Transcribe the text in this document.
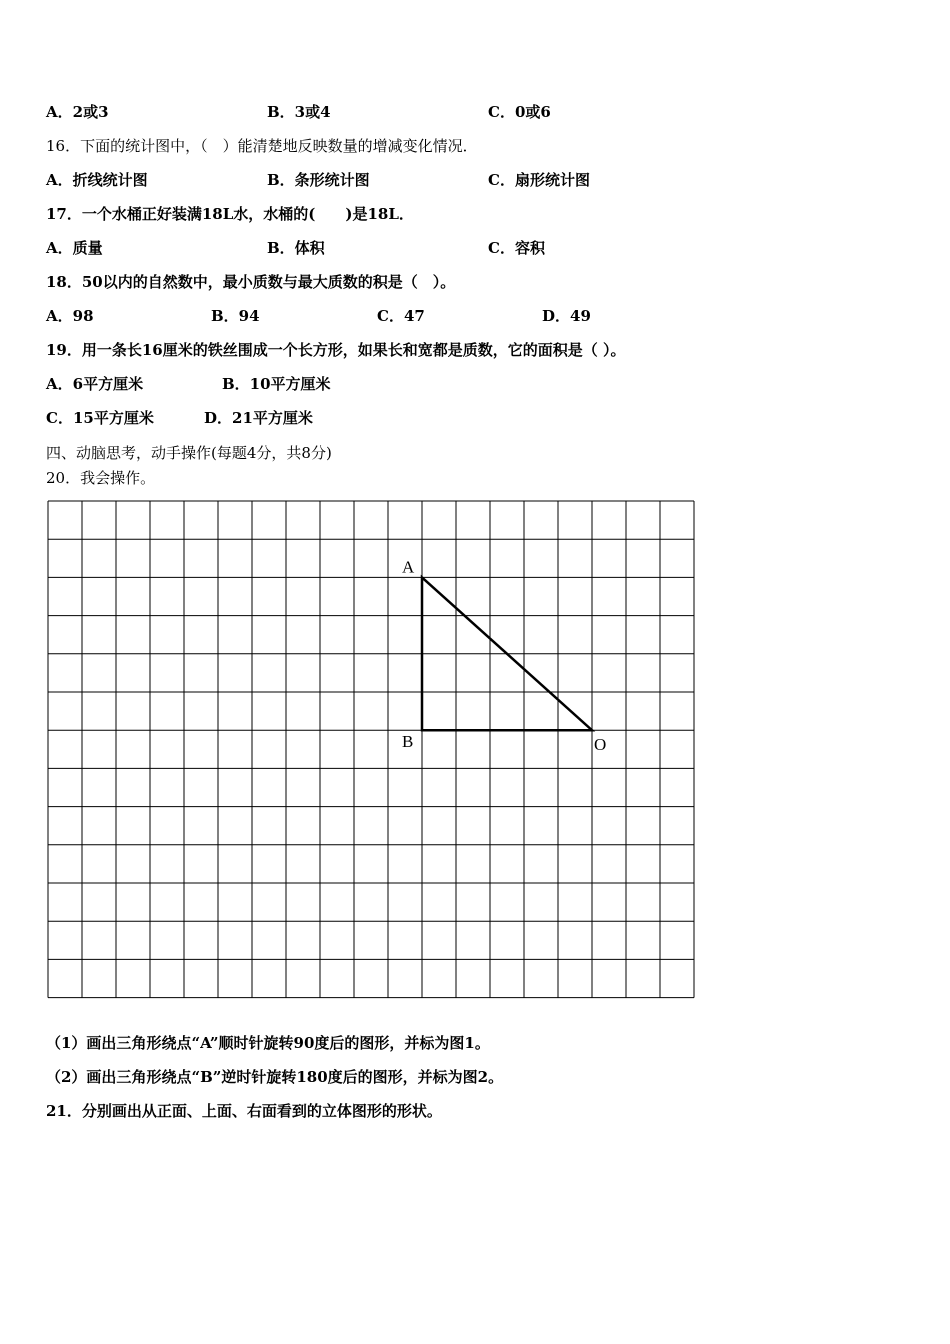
A．2或3	B．3或4	C．0或6
16．下面的统计图中，（　）能清楚地反映数量的增减变化情况．
A．折线统计图	B．条形统计图	C．扇形统计图
17．一个水桶正好装满18L水，水桶的(　　)是18L．
A．质量	B．体积	C．容积
18．50以内的自然数中，最小质数与最大质数的积是（　）。
A．98	B．94	C．47	D．49
19．用一条长16厘米的铁丝围成一个长方形，如果长和宽都是质数，它的面积是（ ）。
A．6平方厘米	B．10平方厘米
C．15平方厘米	D．21平方厘米
四、动脑思考，动手操作(每题4分，共8分)
20．我会操作。
A
B	O
（1）画出三角形绕点“A”顺时针旋转90度后的图形，并标为图1。
（2）画出三角形绕点“B”逆时针旋转180度后的图形，并标为图2。
21．分别画出从正面、上面、右面看到的立体图形的形状。
